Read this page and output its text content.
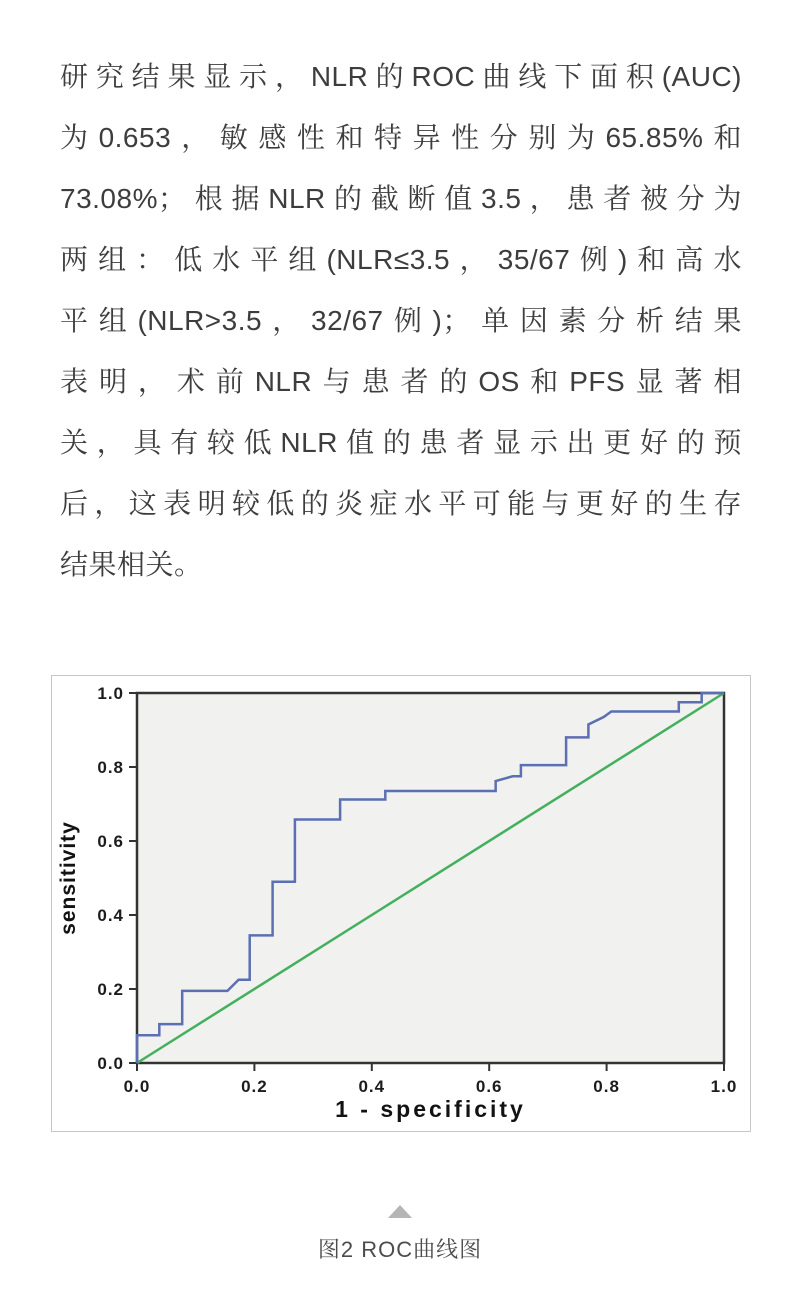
研究结果显示，NLR的ROC曲线下面积(AUC)
为0.653，敏感性和特异性分别为65.85%和
73.08%；根据NLR的截断值3.5，患者被分为
两组：低水平组(NLR≤3.5，35/67例)和高水
平组(NLR>3.5，32/67例)；单因素分析结果
表明，术前NLR与患者的OS和PFS显著相
关，具有较低NLR值的患者显示出更好的预
后，这表明较低的炎症水平可能与更好的生存
结果相关。
0.0	0.2	0.4	0.6	0.8	1.0
0.0
0.2
0.4
0.6
0.8
1.0
1 - specificity
sensitivity
图2 ROC曲线图
